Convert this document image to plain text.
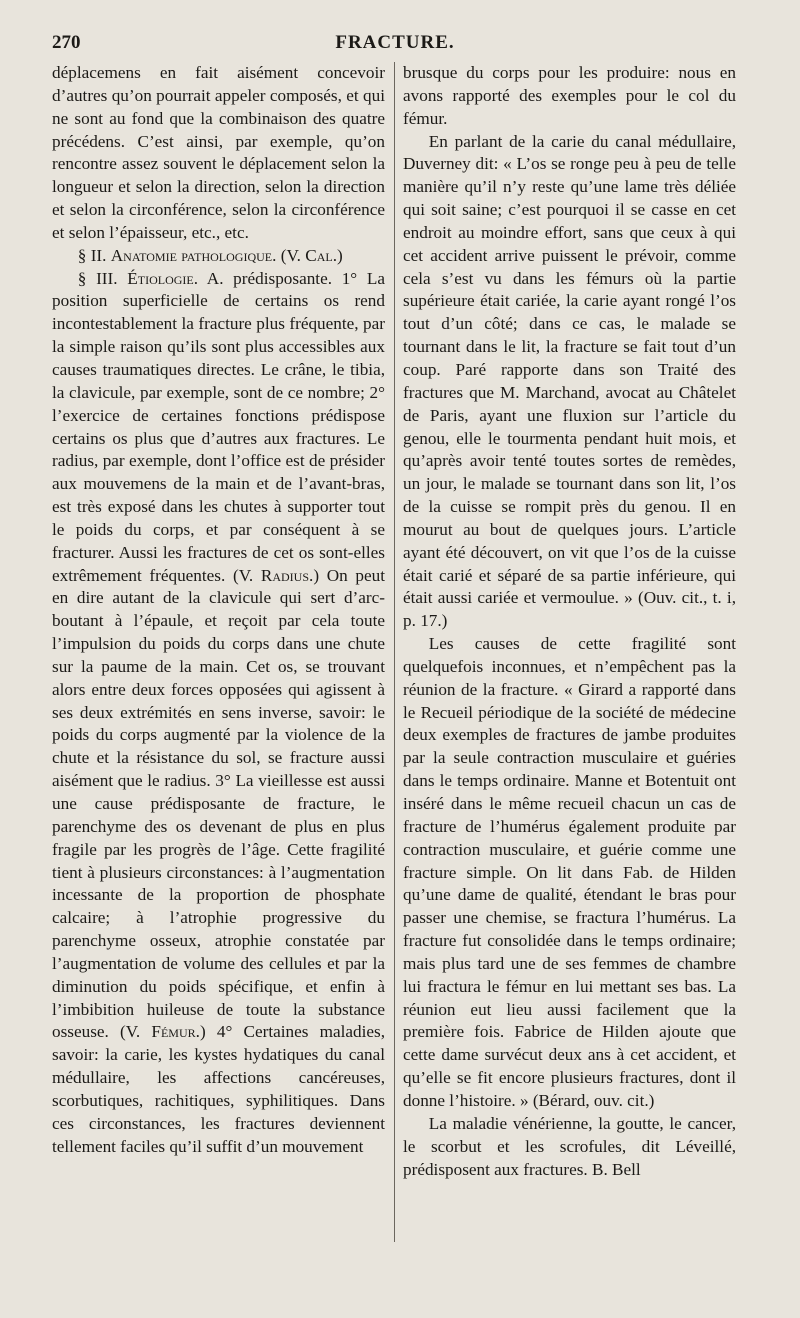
270	FRACTURE.

déplacemens en fait aisément concevoir d’autres qu’on pourrait appeler composés, et qui ne sont au fond que la combinaison des quatre précédens. C’est ainsi, par exemple, qu’on rencontre assez souvent le déplacement selon la longueur et selon la direction, selon la direction et selon la circonférence, selon la circonférence et selon l’épaisseur, etc., etc.

§ II. Anatomie pathologique. (V. Cal.)

§ III. Étiologie. A. prédisposante. 1° La position superficielle de certains os rend incontestablement la fracture plus fréquente, par la simple raison qu’ils sont plus accessibles aux causes traumatiques directes. Le crâne, le tibia, la clavicule, par exemple, sont de ce nombre; 2° l’exercice de certaines fonctions prédispose certains os plus que d’autres aux fractures. Le radius, par exemple, dont l’office est de présider aux mouvemens de la main et de l’avant-bras, est très exposé dans les chutes à supporter tout le poids du corps, et par conséquent à se fracturer. Aussi les fractures de cet os sont-elles extrêmement fréquentes. (V. Radius.) On peut en dire autant de la clavicule qui sert d’arc-boutant à l’épaule, et reçoit par cela toute l’impulsion du poids du corps dans une chute sur la paume de la main. Cet os, se trouvant alors entre deux forces opposées qui agissent à ses deux extrémités en sens inverse, savoir: le poids du corps augmenté par la violence de la chute et la résistance du sol, se fracture aussi aisément que le radius. 3° La vieillesse est aussi une cause prédisposante de fracture, le parenchyme des os devenant de plus en plus fragile par les progrès de l’âge. Cette fragilité tient à plusieurs circonstances: à l’augmentation incessante de la proportion de phosphate calcaire; à l’atrophie progressive du parenchyme osseux, atrophie constatée par l’augmentation de volume des cellules et par la diminution du poids spécifique, et enfin à l’imbibition huileuse de toute la substance osseuse. (V. Fémur.) 4° Certaines maladies, savoir: la carie, les kystes hydatiques du canal médullaire, les affections cancéreuses, scorbutiques, rachitiques, syphilitiques. Dans ces circonstances, les fractures deviennent tellement faciles qu’il suffit d’un mouvement

brusque du corps pour les produire: nous en avons rapporté des exemples pour le col du fémur.

En parlant de la carie du canal médullaire, Duverney dit: « L’os se ronge peu à peu de telle manière qu’il n’y reste qu’une lame très déliée qui soit saine; c’est pourquoi il se casse en cet endroit au moindre effort, sans que ceux à qui cet accident arrive puissent le prévoir, comme cela s’est vu dans les fémurs où la partie supérieure était cariée, la carie ayant rongé l’os tout d’un côté; dans ce cas, le malade se tournant dans le lit, la fracture se fait tout d’un coup. Paré rapporte dans son Traité des fractures que M. Marchand, avocat au Châtelet de Paris, ayant une fluxion sur l’article du genou, elle le tourmenta pendant huit mois, et qu’après avoir tenté toutes sortes de remèdes, un jour, le malade se tournant dans son lit, l’os de la cuisse se rompit près du genou. Il en mourut au bout de quelques jours. L’article ayant été découvert, on vit que l’os de la cuisse était carié et séparé de sa partie inférieure, qui était aussi cariée et vermoulue. » (Ouv. cit., t. i, p. 17.)

Les causes de cette fragilité sont quelquefois inconnues, et n’empêchent pas la réunion de la fracture. « Girard a rapporté dans le Recueil périodique de la société de médecine deux exemples de fractures de jambe produites par la seule contraction musculaire et guéries dans le temps ordinaire. Manne et Botentuit ont inséré dans le même recueil chacun un cas de fracture de l’humérus également produite par contraction musculaire, et guérie comme une fracture simple. On lit dans Fab. de Hilden qu’une dame de qualité, étendant le bras pour passer une chemise, se fractura l’humérus. La fracture fut consolidée dans le temps ordinaire; mais plus tard une de ses femmes de chambre lui fractura le fémur en lui mettant ses bas. La réunion eut lieu aussi facilement que la première fois. Fabrice de Hilden ajoute que cette dame survécut deux ans à cet accident, et qu’elle se fit encore plusieurs fractures, dont il donne l’histoire. » (Bérard, ouv. cit.)

La maladie vénérienne, la goutte, le cancer, le scorbut et les scrofules, dit Léveillé, prédisposent aux fractures. B. Bell
